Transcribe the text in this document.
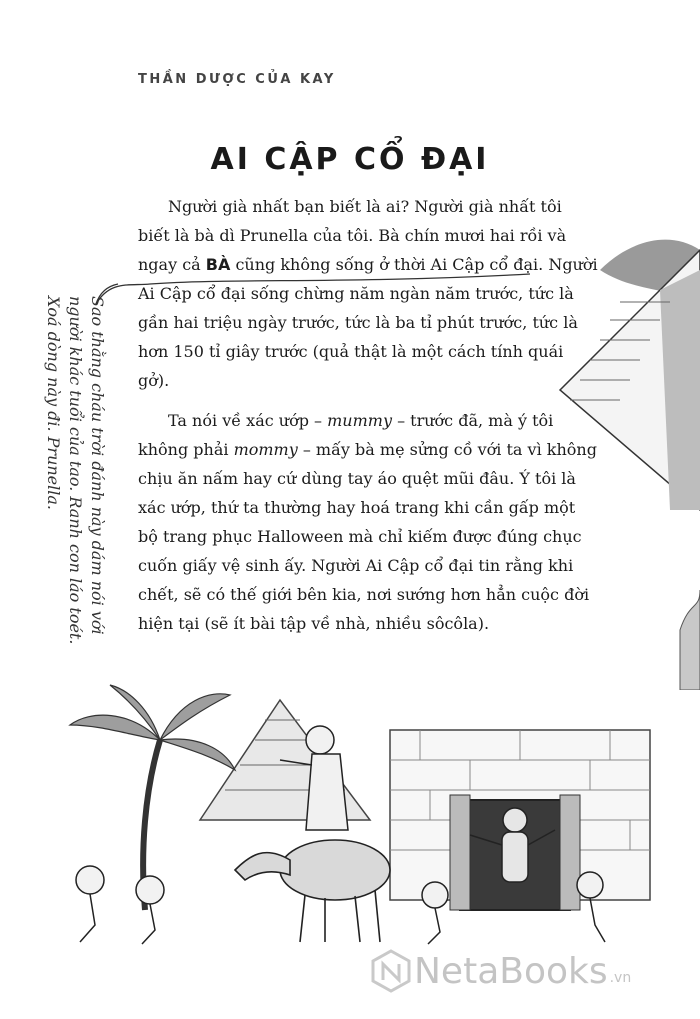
THẦN DƯỢC CỦA KAY
AI CẬP CỔ ĐẠI

Người già nhất bạn biết là ai? Người già nhất tôi biết là bà dì Prunella của tôi. Bà chín mươi hai rồi và ngay cả BÀ cũng không sống ở thời Ai Cập cổ đại. Người Ai Cập cổ đại sống chừng năm ngàn năm trước, tức là gần hai triệu ngày trước, tức là ba tỉ phút trước, tức là hơn 150 tỉ giây trước (quả thật là một cách tính quái gở).

Ta nói về xác ướp – mummy – trước đã, mà ý tôi không phải mommy – mấy bà mẹ sửng cồ với ta vì không chịu ăn nấm hay cứ dùng tay áo quệt mũi đâu. Ý tôi là xác ướp, thứ ta thường hay hoá trang khi cần gấp một bộ trang phục Halloween mà chỉ kiếm được đúng chục cuốn giấy vệ sinh ấy. Người Ai Cập cổ đại tin rằng khi chết, sẽ có thế giới bên kia, nơi sướng hơn hẳn cuộc đời hiện tại (sẽ ít bài tập về nhà, nhiều sôcôla).

Sao thằng cháu trời đánh này dám nói với
người khác tuổi của tao. Ranh con láo toét.
Xoá dòng này đi. Prunella.
NetaBooks .vn
